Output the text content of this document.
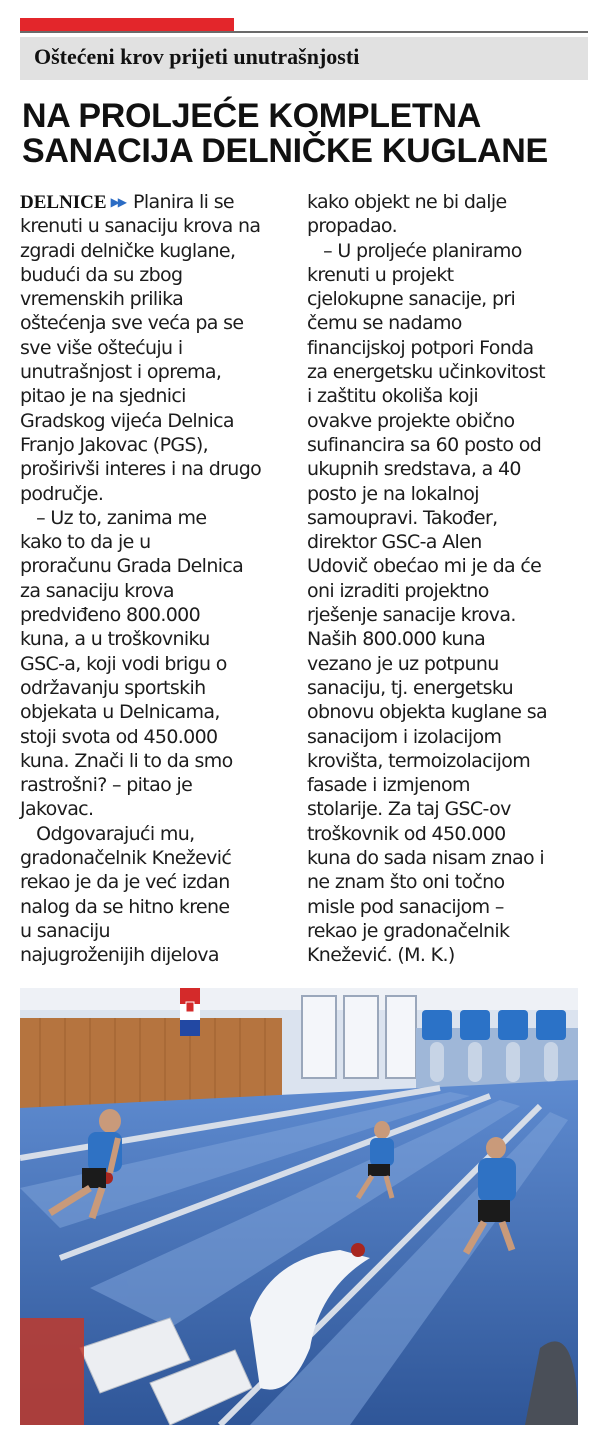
Oštećeni krov prijeti unutrašnjosti
NA PROLJEĆE KOMPLETNA
SANACIJA DELNIČKE KUGLANE
DELNICE ▶▶ Planira li se
krenuti u sanaciju krova na
zgradi delničke kuglane,
budući da su zbog
vremenskih prilika
oštećenja sve veća pa se
sve više oštećuju i
unutrašnjost i oprema,
pitao je na sjednici
Gradskog vijeća Delnica
Franjo Jakovac (PGS),
proširivši interes i na drugo
područje.
– Uz to, zanima me
kako to da je u
proračunu Grada Delnica
za sanaciju krova
predviđeno 800.000
kuna, a u troškovniku
GSC-a, koji vodi brigu o
održavanju sportskih
objekata u Delnicama,
stoji svota od 450.000
kuna. Znači li to da smo
rastrošni? – pitao je
Jakovac.
Odgovarajući mu,
gradonačelnik Knežević
rekao je da je već izdan
nalog da se hitno krene
u sanaciju
najugroženijih dijelova
kako objekt ne bi dalje
propadao.
– U proljeće planiramo
krenuti u projekt
cjelokupne sanacije, pri
čemu se nadamo
financijskoj potpori Fonda
za energetsku učinkovitost
i zaštitu okoliša koji
ovakve projekte obično
sufinancira sa 60 posto od
ukupnih sredstava, a 40
posto je na lokalnoj
samoupravi. Također,
direktor GSC-a Alen
Udovič obećao mi je da će
oni izraditi projektno
rješenje sanacije krova.
Naših 800.000 kuna
vezano je uz potpunu
sanaciju, tj. energetsku
obnovu objekta kuglane sa
sanacijom i izolacijom
krovišta, termoizolacijom
fasade i izmjenom
stolarije. Za taj GSC-ov
troškovnik od 450.000
kuna do sada nisam znao i
ne znam što oni točno
misle pod sanacijom –
rekao je gradonačelnik
Knežević. (M. K.)
